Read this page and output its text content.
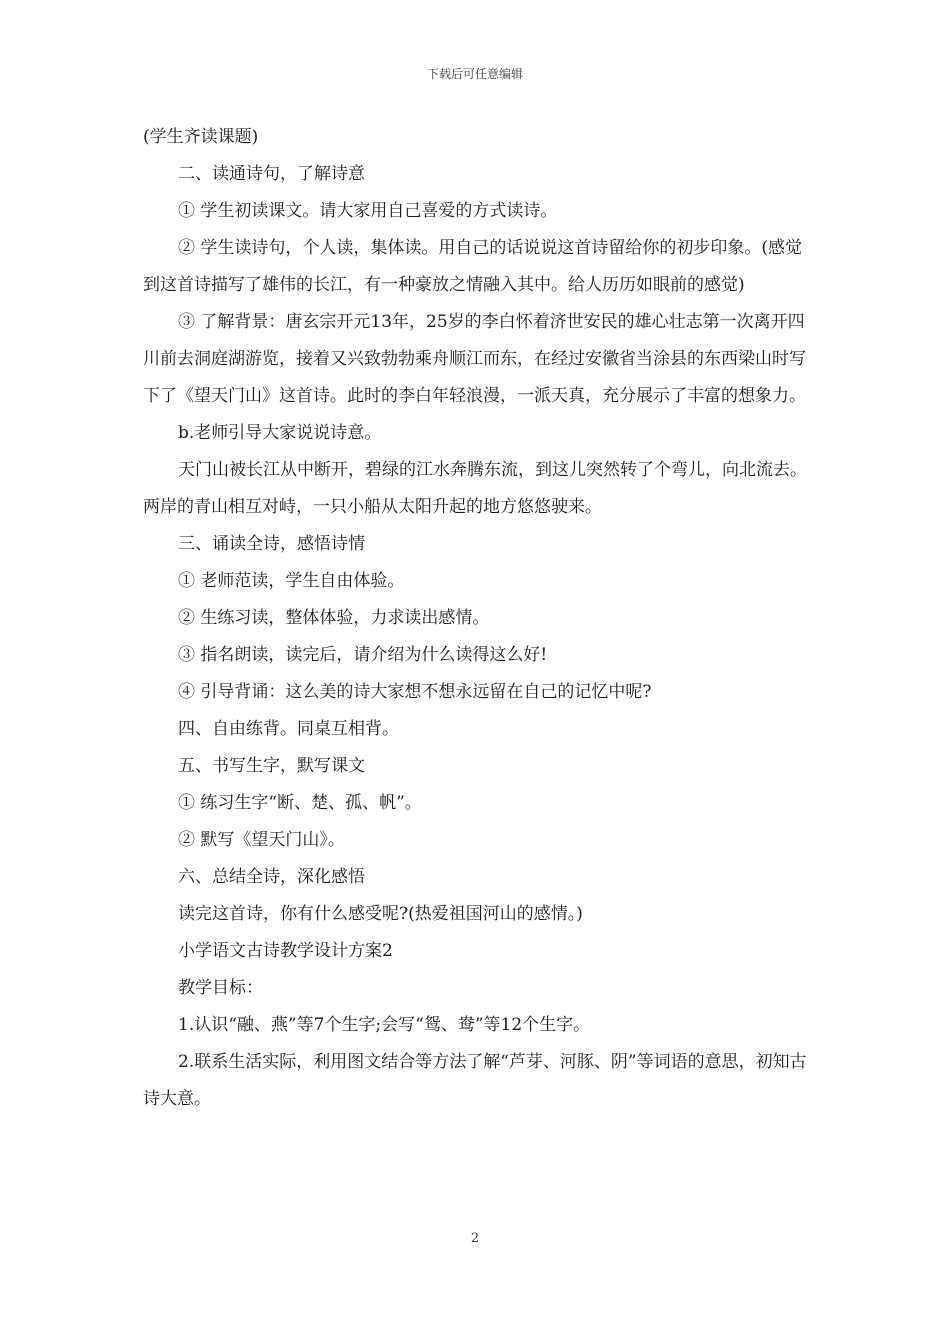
下载后可任意编辑

(学生齐读课题)

二、读通诗句，了解诗意

① 学生初读课文。请大家用自己喜爱的方式读诗。

② 学生读诗句，个人读，集体读。用自己的话说说这首诗留给你的初步印象。(感觉到这首诗描写了雄伟的长江，有一种豪放之情融入其中。给人历历如眼前的感觉)

③ 了解背景：唐玄宗开元13年，25岁的李白怀着济世安民的雄心壮志第一次离开四川前去洞庭湖游览，接着又兴致勃勃乘舟顺江而东，在经过安徽省当涂县的东西梁山时写下了《望天门山》这首诗。此时的李白年轻浪漫，一派天真，充分展示了丰富的想象力。

b.老师引导大家说说诗意。

天门山被长江从中断开，碧绿的江水奔腾东流，到这儿突然转了个弯儿，向北流去。两岸的青山相互对峙，一只小船从太阳升起的地方悠悠驶来。

三、诵读全诗，感悟诗情

① 老师范读，学生自由体验。

② 生练习读，整体体验，力求读出感情。

③ 指名朗读，读完后，请介绍为什么读得这么好!

④ 引导背诵：这么美的诗大家想不想永远留在自己的记忆中呢?

四、自由练背。同桌互相背。

五、书写生字，默写课文

① 练习生字“断、楚、孤、帆”。

② 默写《望天门山》。

六、总结全诗，深化感悟

读完这首诗，你有什么感受呢?(热爱祖国河山的感情。)

小学语文古诗教学设计方案2

教学目标：

1.认识“融、燕”等7个生字;会写“鸳、鸯”等12个生字。

2.联系生活实际，利用图文结合等方法了解“芦芽、河豚、阴”等词语的意思，初知古诗大意。

2
